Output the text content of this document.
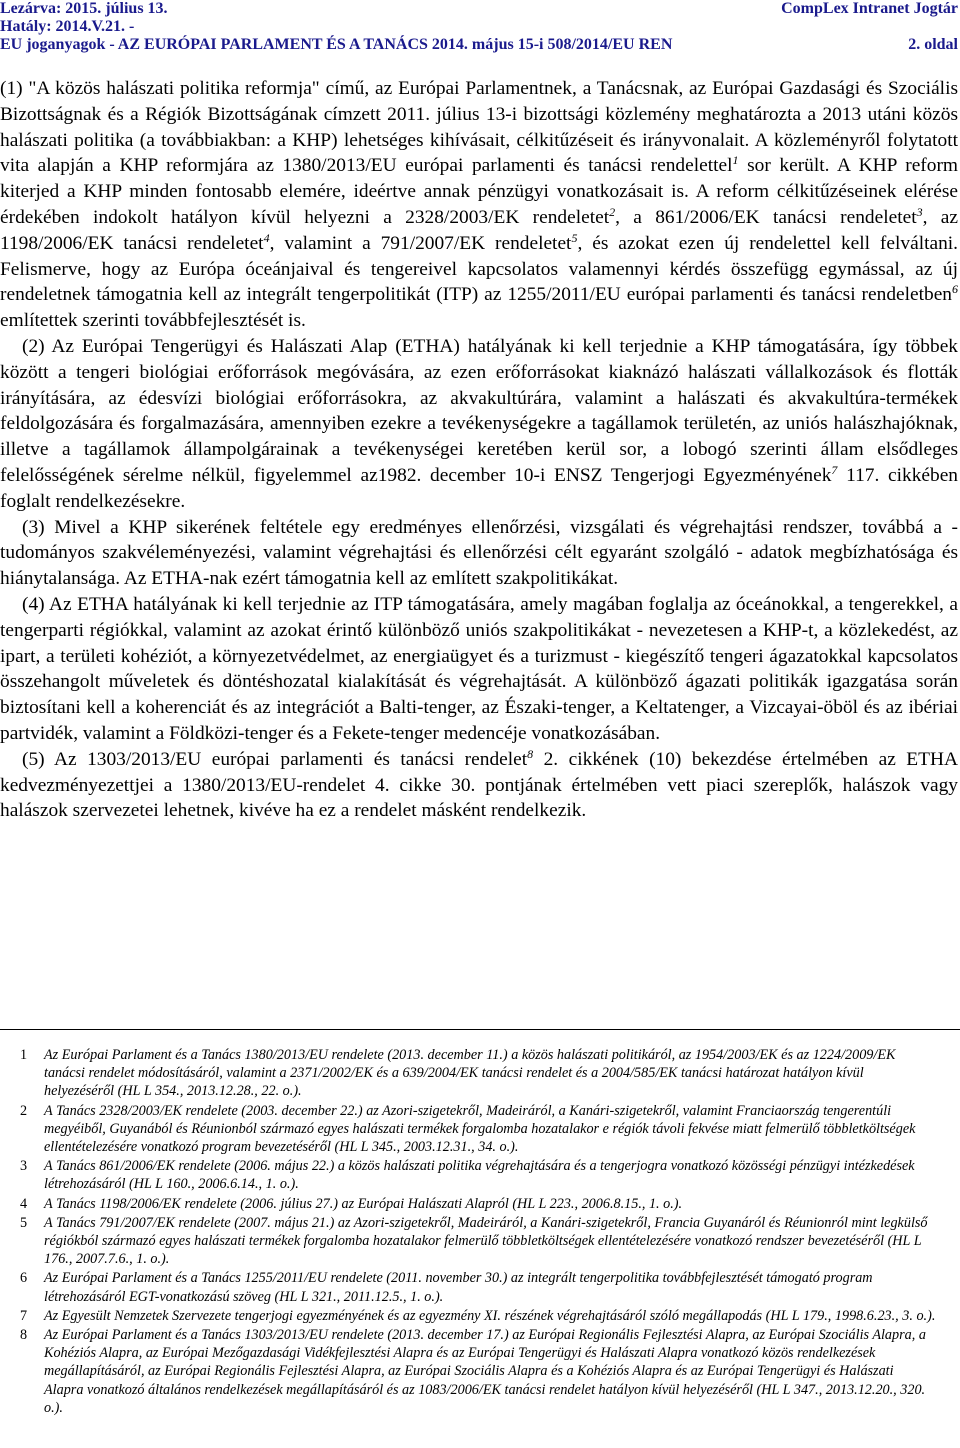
Lezárva: 2015. július 13.	CompLex Intranet Jogtár
Hatály: 2014.V.21. -
EU joganyagok - AZ EURÓPAI PARLAMENT ÉS A TANÁCS 2014. május 15-i 508/2014/EU REN	2. oldal

(1) "A közös halászati politika reformja" című, az Európai Parlamentnek, a Tanácsnak, az Európai Gazdasági és Szociális Bizottságnak és a Régiók Bizottságának címzett 2011. július 13-i bizottsági közlemény meghatározta a 2013 utáni közös halászati politika (a továbbiakban: a KHP) lehetséges kihívásait, célkitűzéseit és irányvonalait. A közleményről folytatott vita alapján a KHP reformjára az 1380/2013/EU európai parlamenti és tanácsi rendelettel$^1$ sor került. A KHP reform kiterjed a KHP minden fontosabb elemére, ideértve annak pénzügyi vonatkozásait is. A reform célkitűzéseinek elérése érdekében indokolt hatályon kívül helyezni a 2328/2003/EK rendeletet$^2$, a 861/2006/EK tanácsi rendeletet$^3$, az 1198/2006/EK tanácsi rendeletet$^4$, valamint a 791/2007/EK rendeletet$^5$, és azokat ezen új rendelettel kell felváltani. Felismerve, hogy az Európa óceánjaival és tengereivel kapcsolatos valamennyi kérdés összefügg egymással, az új rendeletnek támogatnia kell az integrált tengerpolitikát (ITP) az 1255/2011/EU európai parlamenti és tanácsi rendeletben$^6$ említettek szerinti továbbfejlesztését is.

(2) Az Európai Tengerügyi és Halászati Alap (ETHA) hatályának ki kell terjednie a KHP támogatására, így többek között a tengeri biológiai erőforrások megóvására, az ezen erőforrásokat kiaknázó halászati vállalkozások és flották irányítására, az édesvízi biológiai erőforrásokra, az akvakultúrára, valamint a halászati és akvakultúra-termékek feldolgozására és forgalmazására, amennyiben ezekre a tevékenységekre a tagállamok területén, az uniós halászhajóknak, illetve a tagállamok állampolgárainak a tevékenységei keretében kerül sor, a lobogó szerinti állam elsődleges felelősségének sérelme nélkül, figyelemmel az1982. december 10-i ENSZ Tengerjogi Egyezményének$^7$ 117. cikkében foglalt rendelkezésekre.

(3) Mivel a KHP sikerének feltétele egy eredményes ellenőrzési, vizsgálati és végrehajtási rendszer, továbbá a - tudományos szakvéleményezési, valamint végrehajtási és ellenőrzési célt egyaránt szolgáló - adatok megbízhatósága és hiánytalansága. Az ETHA-nak ezért támogatnia kell az említett szakpolitikákat.

(4) Az ETHA hatályának ki kell terjednie az ITP támogatására, amely magában foglalja az óceánokkal, a tengerekkel, a tengerparti régiókkal, valamint az azokat érintő különböző uniós szakpolitikákat - nevezetesen a KHP-t, a közlekedést, az ipart, a területi kohéziót, a környezetvédelmet, az energiaügyet és a turizmust - kiegészítő tengeri ágazatokkal kapcsolatos összehangolt műveletek és döntéshozatal kialakítását és végrehajtását. A különböző ágazati politikák igazgatása során biztosítani kell a koherenciát és az integrációt a Balti-tenger, az Északi-tenger, a Keltatenger, a Vizcayai-öböl és az ibériai partvidék, valamint a Földközi-tenger és a Fekete-tenger medencéje vonatkozásában.

(5) Az 1303/2013/EU európai parlamenti és tanácsi rendelet$^8$ 2. cikkének (10) bekezdése értelmében az ETHA kedvezményezettjei a 1380/2013/EU-rendelet 4. cikke 30. pontjának értelmében vett piaci szereplők, halászok vagy halászok szervezetei lehetnek, kivéve ha ez a rendelet másként rendelkezik.

1 Az Európai Parlament és a Tanács 1380/2013/EU rendelete (2013. december 11.) a közös halászati politikáról, az 1954/2003/EK és az 1224/2009/EK tanácsi rendelet módosításáról, valamint a 2371/2002/EK és a 639/2004/EK tanácsi rendelet és a 2004/585/EK tanácsi határozat hatályon kívül helyezéséről (HL L 354., 2013.12.28., 22. o.).
2 A Tanács 2328/2003/EK rendelete (2003. december 22.) az Azori-szigetekről, Madeiráról, a Kanári-szigetekről, valamint Franciaország tengerentúli megyéiből, Guyanából és Réunionból származó egyes halászati termékek forgalomba hozatalakor e régiók távoli fekvése miatt felmerülő többletköltségek ellentételezésére vonatkozó program bevezetéséről (HL L 345., 2003.12.31., 34. o.).
3 A Tanács 861/2006/EK rendelete (2006. május 22.) a közös halászati politika végrehajtására és a tengerjogra vonatkozó közösségi pénzügyi intézkedések létrehozásáról (HL L 160., 2006.6.14., 1. o.).
4 A Tanács 1198/2006/EK rendelete (2006. július 27.) az Európai Halászati Alapról (HL L 223., 2006.8.15., 1. o.).
5 A Tanács 791/2007/EK rendelete (2007. május 21.) az Azori-szigetekről, Madeiráról, a Kanári-szigetekről, Francia Guyanáról és Réunionról mint legkülső régiókból származó egyes halászati termékek forgalomba hozatalakor felmerülő többletköltségek ellentételezésére vonatkozó rendszer bevezetéséről (HL L 176., 2007.7.6., 1. o.).
6 Az Európai Parlament és a Tanács 1255/2011/EU rendelete (2011. november 30.) az integrált tengerpolitika továbbfejlesztését támogató program létrehozásáról EGT-vonatkozású szöveg (HL L 321., 2011.12.5., 1. o.).
7 Az Egyesült Nemzetek Szervezete tengerjogi egyezményének és az egyezmény XI. részének végrehajtásáról szóló megállapodás (HL L 179., 1998.6.23., 3. o.).
8 Az Európai Parlament és a Tanács 1303/2013/EU rendelete (2013. december 17.) az Európai Regionális Fejlesztési Alapra, az Európai Szociális Alapra, a Kohéziós Alapra, az Európai Mezőgazdasági Vidékfejlesztési Alapra és az Európai Tengerügyi és Halászati Alapra vonatkozó közös rendelkezések megállapításáról, az Európai Regionális Fejlesztési Alapra, az Európai Szociális Alapra és a Kohéziós Alapra és az Európai Tengerügyi és Halászati Alapra vonatkozó általános rendelkezések megállapításáról és az 1083/2006/EK tanácsi rendelet hatályon kívül helyezéséről (HL L 347., 2013.12.20., 320. o.).
